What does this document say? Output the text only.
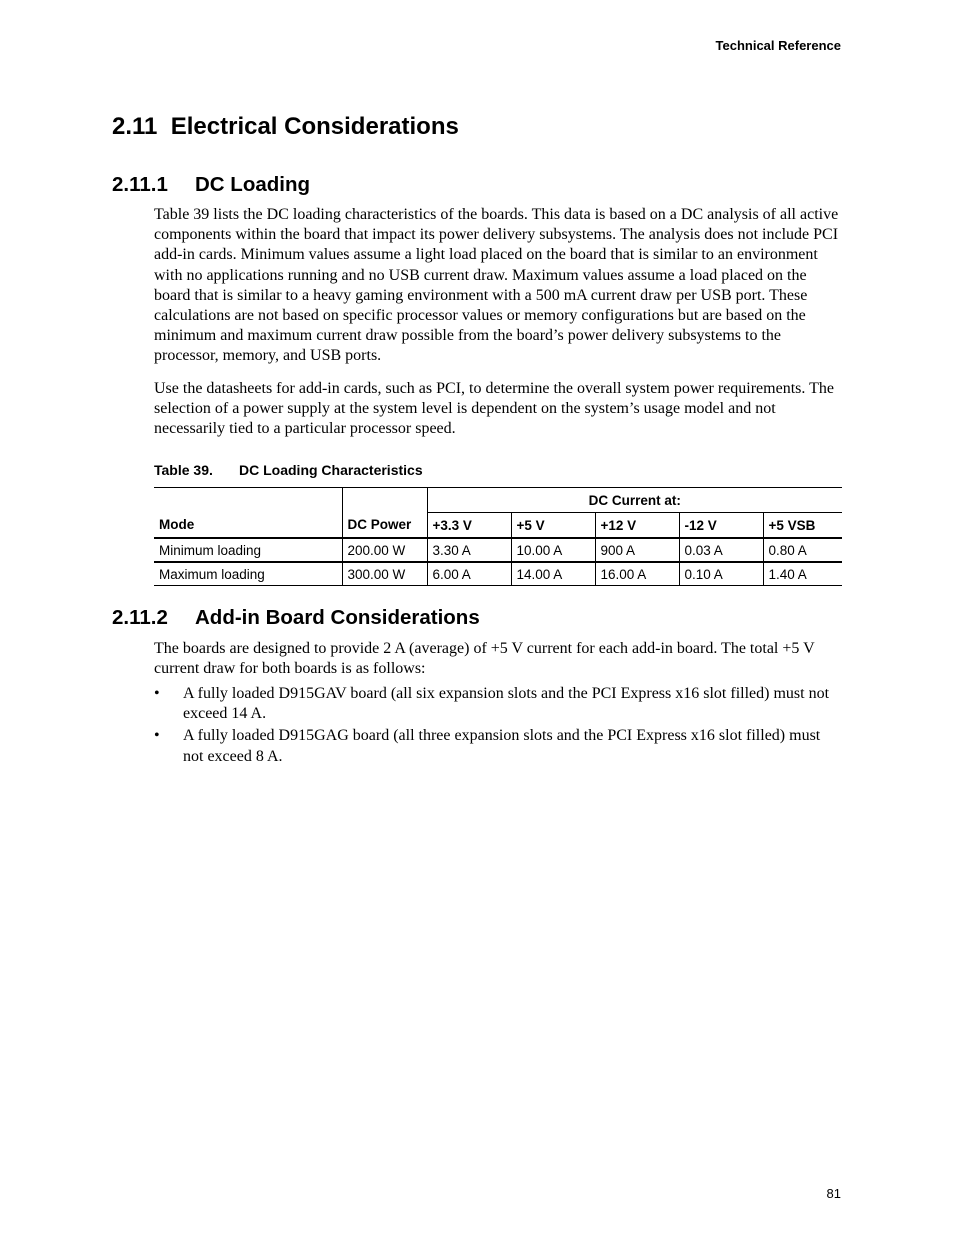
Technical Reference
2.11 Electrical Considerations
2.11.1 DC Loading

Table 39 lists the DC loading characteristics of the boards. This data is based on a DC analysis of all active components within the board that impact its power delivery subsystems. The analysis does not include PCI add-in cards. Minimum values assume a light load placed on the board that is similar to an environment with no applications running and no USB current draw. Maximum values assume a load placed on the board that is similar to a heavy gaming environment with a 500 mA current draw per USB port. These calculations are not based on specific processor values or memory configurations but are based on the minimum and maximum current draw possible from the board’s power delivery subsystems to the processor, memory, and USB ports.

Use the datasheets for add-in cards, such as PCI, to determine the overall system power requirements. The selection of a power supply at the system level is dependent on the system’s usage model and not necessarily tied to a particular processor speed.

Table 39. DC Loading Characteristics

Mode	DC Power	DC Current at:				
		+3.3 V	+5 V	+12 V	-12 V	+5 VSB
Minimum loading	200.00 W	3.30 A	10.00 A	900 A	0.03 A	0.80 A
Maximum loading	300.00 W	6.00 A	14.00 A	16.00 A	0.10 A	1.40 A
2.11.2 Add-in Board Considerations

The boards are designed to provide 2 A (average) of +5 V current for each add-in board. The total +5 V current draw for both boards is as follows:

• A fully loaded D915GAV board (all six expansion slots and the PCI Express x16 slot filled) must not exceed 14 A.
• A fully loaded D915GAG board (all three expansion slots and the PCI Express x16 slot filled) must not exceed 8 A.
81
